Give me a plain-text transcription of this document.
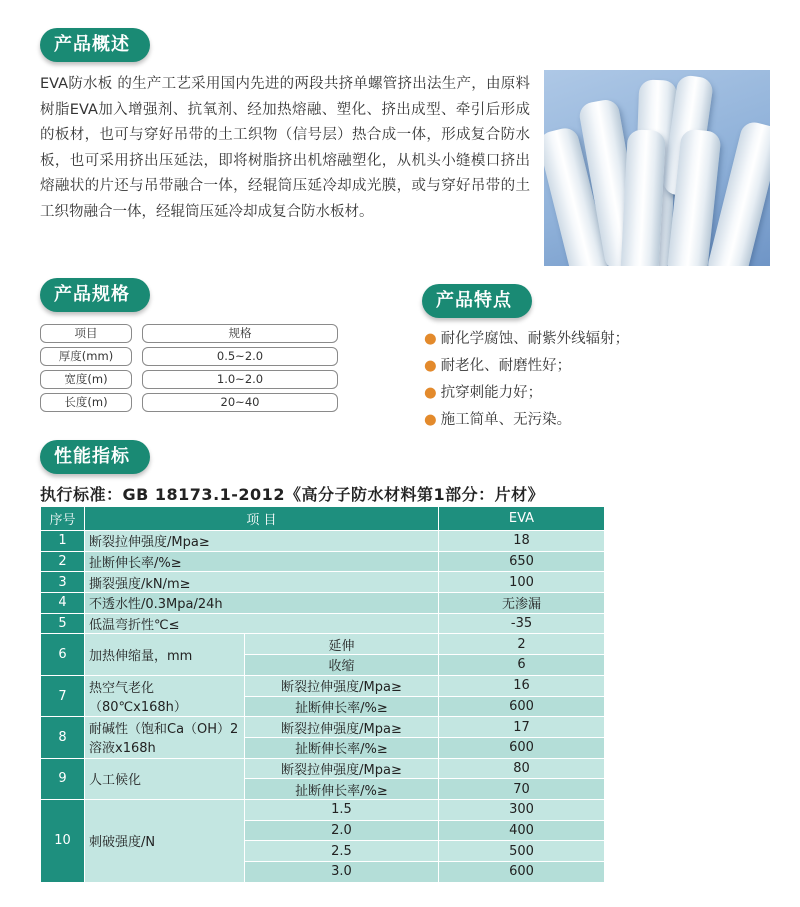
产品概述

EVA防水板 的生产工艺采用国内先进的两段共挤单螺管挤出法生产，由原料树脂EVA加入增强剂、抗氧剂、经加热熔融、塑化、挤出成型、牵引后形成的板材，也可与穿好吊带的土工织物（信号层）热合成一体，形成复合防水板，也可采用挤出压延法，即将树脂挤出机熔融塑化，从机头小缝模口挤出熔融状的片还与吊带融合一体，经辊筒压延冷却成光膜，或与穿好吊带的土工织物融合一体，经辊筒压延冷却成复合防水板材。

产品规格
项目	规格
厚度(mm)	0.5~2.0
宽度(m)	1.0~2.0
长度(m)	20~40
产品特点
● 耐化学腐蚀、耐紫外线辐射；
● 耐老化、耐磨性好；
● 抗穿刺能力好；
● 施工简单、无污染。
性能指标
执行标准：GB 18173.1-2012《高分子防水材料第1部分：片材》
序号	项 目		EVA
1	断裂拉伸强度/Mpa≥		18
2	扯断伸长率/%≥		650
3	撕裂强度/kN/m≥		100
4	不透水性/0.3Mpa/24h		无渗漏
5	低温弯折性℃≤		-35
6	加热伸缩量，mm	延伸	2
		收缩	6
7	热空气老化（80℃x168h）	断裂拉伸强度/Mpa≥	16
		扯断伸长率/%≥	600
8	耐碱性（饱和Ca（OH）2溶液x168h	断裂拉伸强度/Mpa≥	17
		扯断伸长率/%≥	600
9	人工候化	断裂拉伸强度/Mpa≥	80
		扯断伸长率/%≥	70
10	刺破强度/N	1.5	300
		2.0	400
		2.5	500
		3.0	600
